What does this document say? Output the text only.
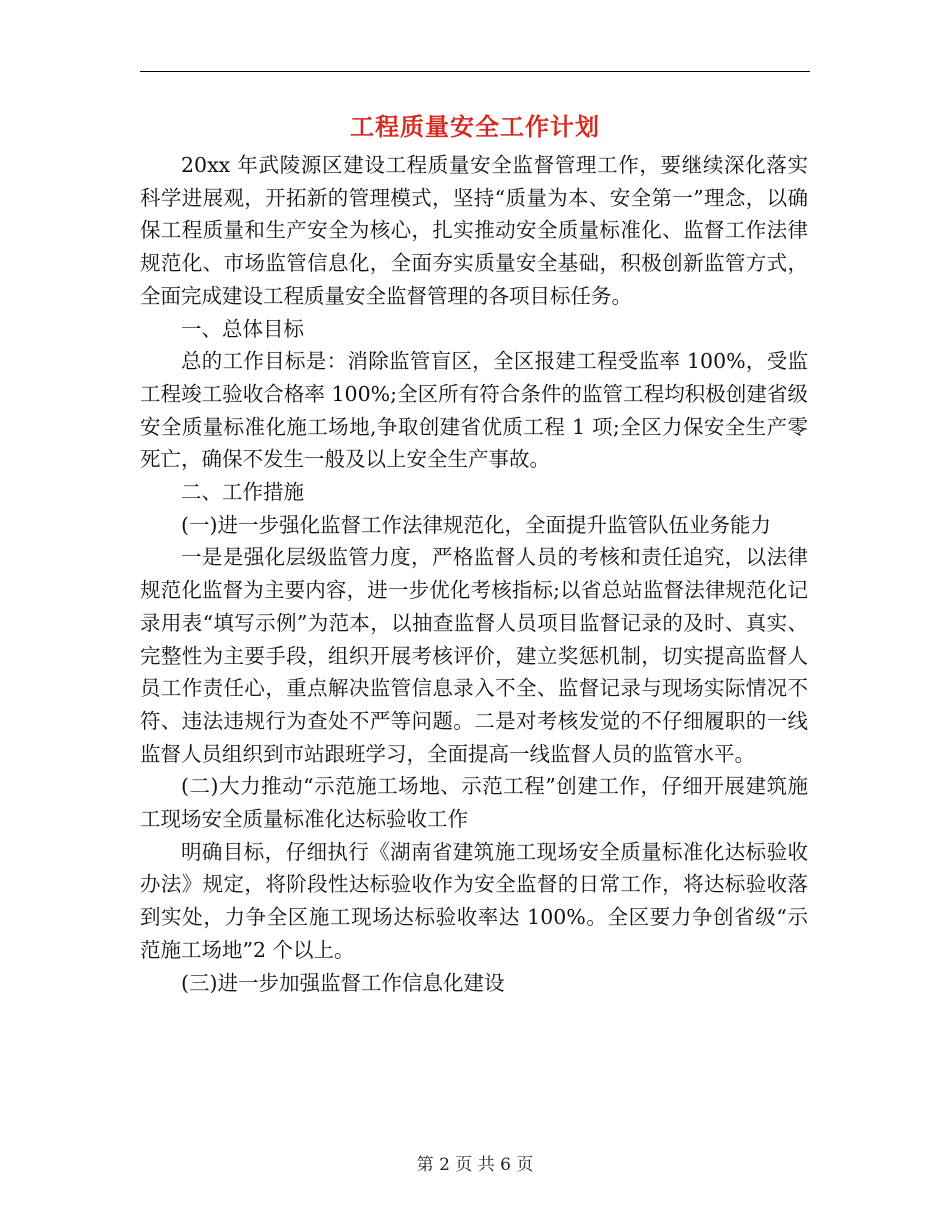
工程质量安全工作计划

20xx 年武陵源区建设工程质量安全监督管理工作，要继续深化落实科学进展观，开拓新的管理模式，坚持“质量为本、安全第一”理念，以确保工程质量和生产安全为核心，扎实推动安全质量标准化、监督工作法律规范化、市场监管信息化，全面夯实质量安全基础，积极创新监管方式，全面完成建设工程质量安全监督管理的各项目标任务。

一、总体目标

总的工作目标是：消除监管盲区，全区报建工程受监率 100%，受监工程竣工验收合格率 100%;全区所有符合条件的监管工程均积极创建省级安全质量标准化施工场地,争取创建省优质工程 1 项;全区力保安全生产零死亡，确保不发生一般及以上安全生产事故。

二、工作措施

(一)进一步强化监督工作法律规范化，全面提升监管队伍业务能力

一是是强化层级监管力度，严格监督人员的考核和责任追究，以法律规范化监督为主要内容，进一步优化考核指标;以省总站监督法律规范化记录用表“填写示例”为范本，以抽查监督人员项目监督记录的及时、真实、完整性为主要手段，组织开展考核评价，建立奖惩机制，切实提高监督人员工作责任心，重点解决监管信息录入不全、监督记录与现场实际情况不符、违法违规行为查处不严等问题。二是对考核发觉的不仔细履职的一线监督人员组织到市站跟班学习，全面提高一线监督人员的监管水平。

(二)大力推动“示范施工场地、示范工程”创建工作，仔细开展建筑施工现场安全质量标准化达标验收工作

明确目标，仔细执行《湖南省建筑施工现场安全质量标准化达标验收办法》规定，将阶段性达标验收作为安全监督的日常工作，将达标验收落到实处，力争全区施工现场达标验收率达 100%。全区要力争创省级“示范施工场地”2 个以上。

(三)进一步加强监督工作信息化建设

第 2 页 共 6 页
